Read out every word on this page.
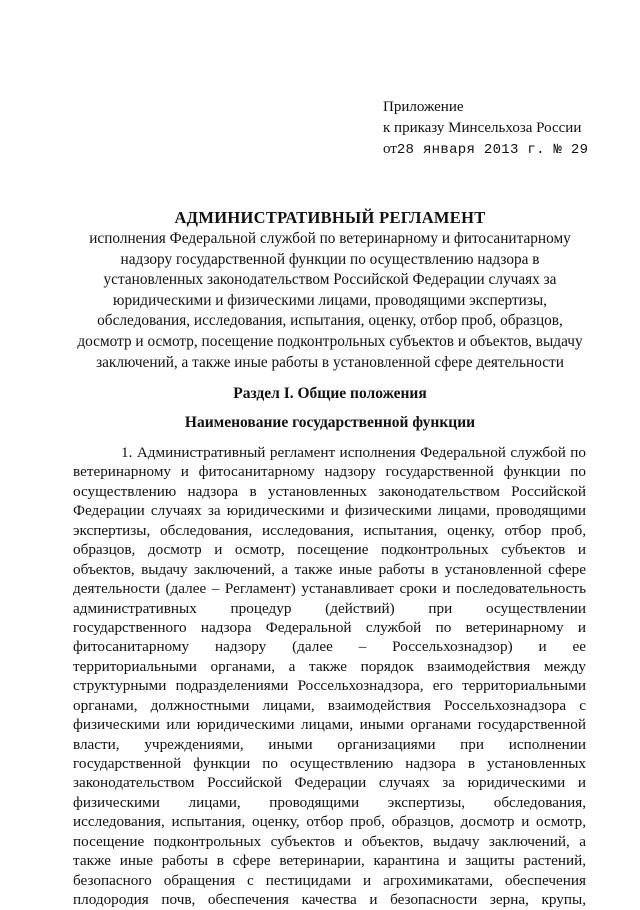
Приложение
к приказу Минсельхоза России
от28 января 2013 г. № 29
АДМИНИСТРАТИВНЫЙ РЕГЛАМЕНТ
исполнения Федеральной службой по ветеринарному и фитосанитарному
надзору государственной функции по осуществлению надзора в
установленных законодательством Российской Федерации случаях за
юридическими и физическими лицами, проводящими экспертизы,
обследования, исследования, испытания, оценку, отбор проб, образцов,
досмотр и осмотр, посещение подконтрольных субъектов и объектов, выдачу
заключений, а также иные работы в установленной сфере деятельности
Раздел I. Общие положения
Наименование государственной функции
1. Административный регламент исполнения Федеральной службой по
ветеринарному и фитосанитарному надзору государственной функции по
осуществлению надзора в установленных законодательством Российской
Федерации случаях за юридическими и физическими лицами, проводящими
экспертизы, обследования, исследования, испытания, оценку, отбор проб,
образцов, досмотр и осмотр, посещение подконтрольных субъектов и
объектов, выдачу заключений, а также иные работы в установленной сфере
деятельности (далее – Регламент) устанавливает сроки и последовательность
административных процедур (действий) при осуществлении
государственного надзора Федеральной службой по ветеринарному и
фитосанитарному надзору (далее – Россельхознадзор) и ее
территориальными органами, а также порядок взаимодействия между
структурными подразделениями Россельхознадзора, его территориальными
органами, должностными лицами, взаимодействия Россельхознадзора с
физическими или юридическими лицами, иными органами государственной
власти, учреждениями, иными организациями при исполнении
государственной функции по осуществлению надзора в установленных
законодательством Российской Федерации случаях за юридическими и
физическими лицами, проводящими экспертизы, обследования,
исследования, испытания, оценку, отбор проб, образцов, досмотр и осмотр,
посещение подконтрольных субъектов и объектов, выдачу заключений, а
также иные работы в сфере ветеринарии, карантина и защиты растений,
безопасного обращения с пестицидами и агрохимикатами, обеспечения
плодородия почв, обеспечения качества и безопасности зерна, крупы,
